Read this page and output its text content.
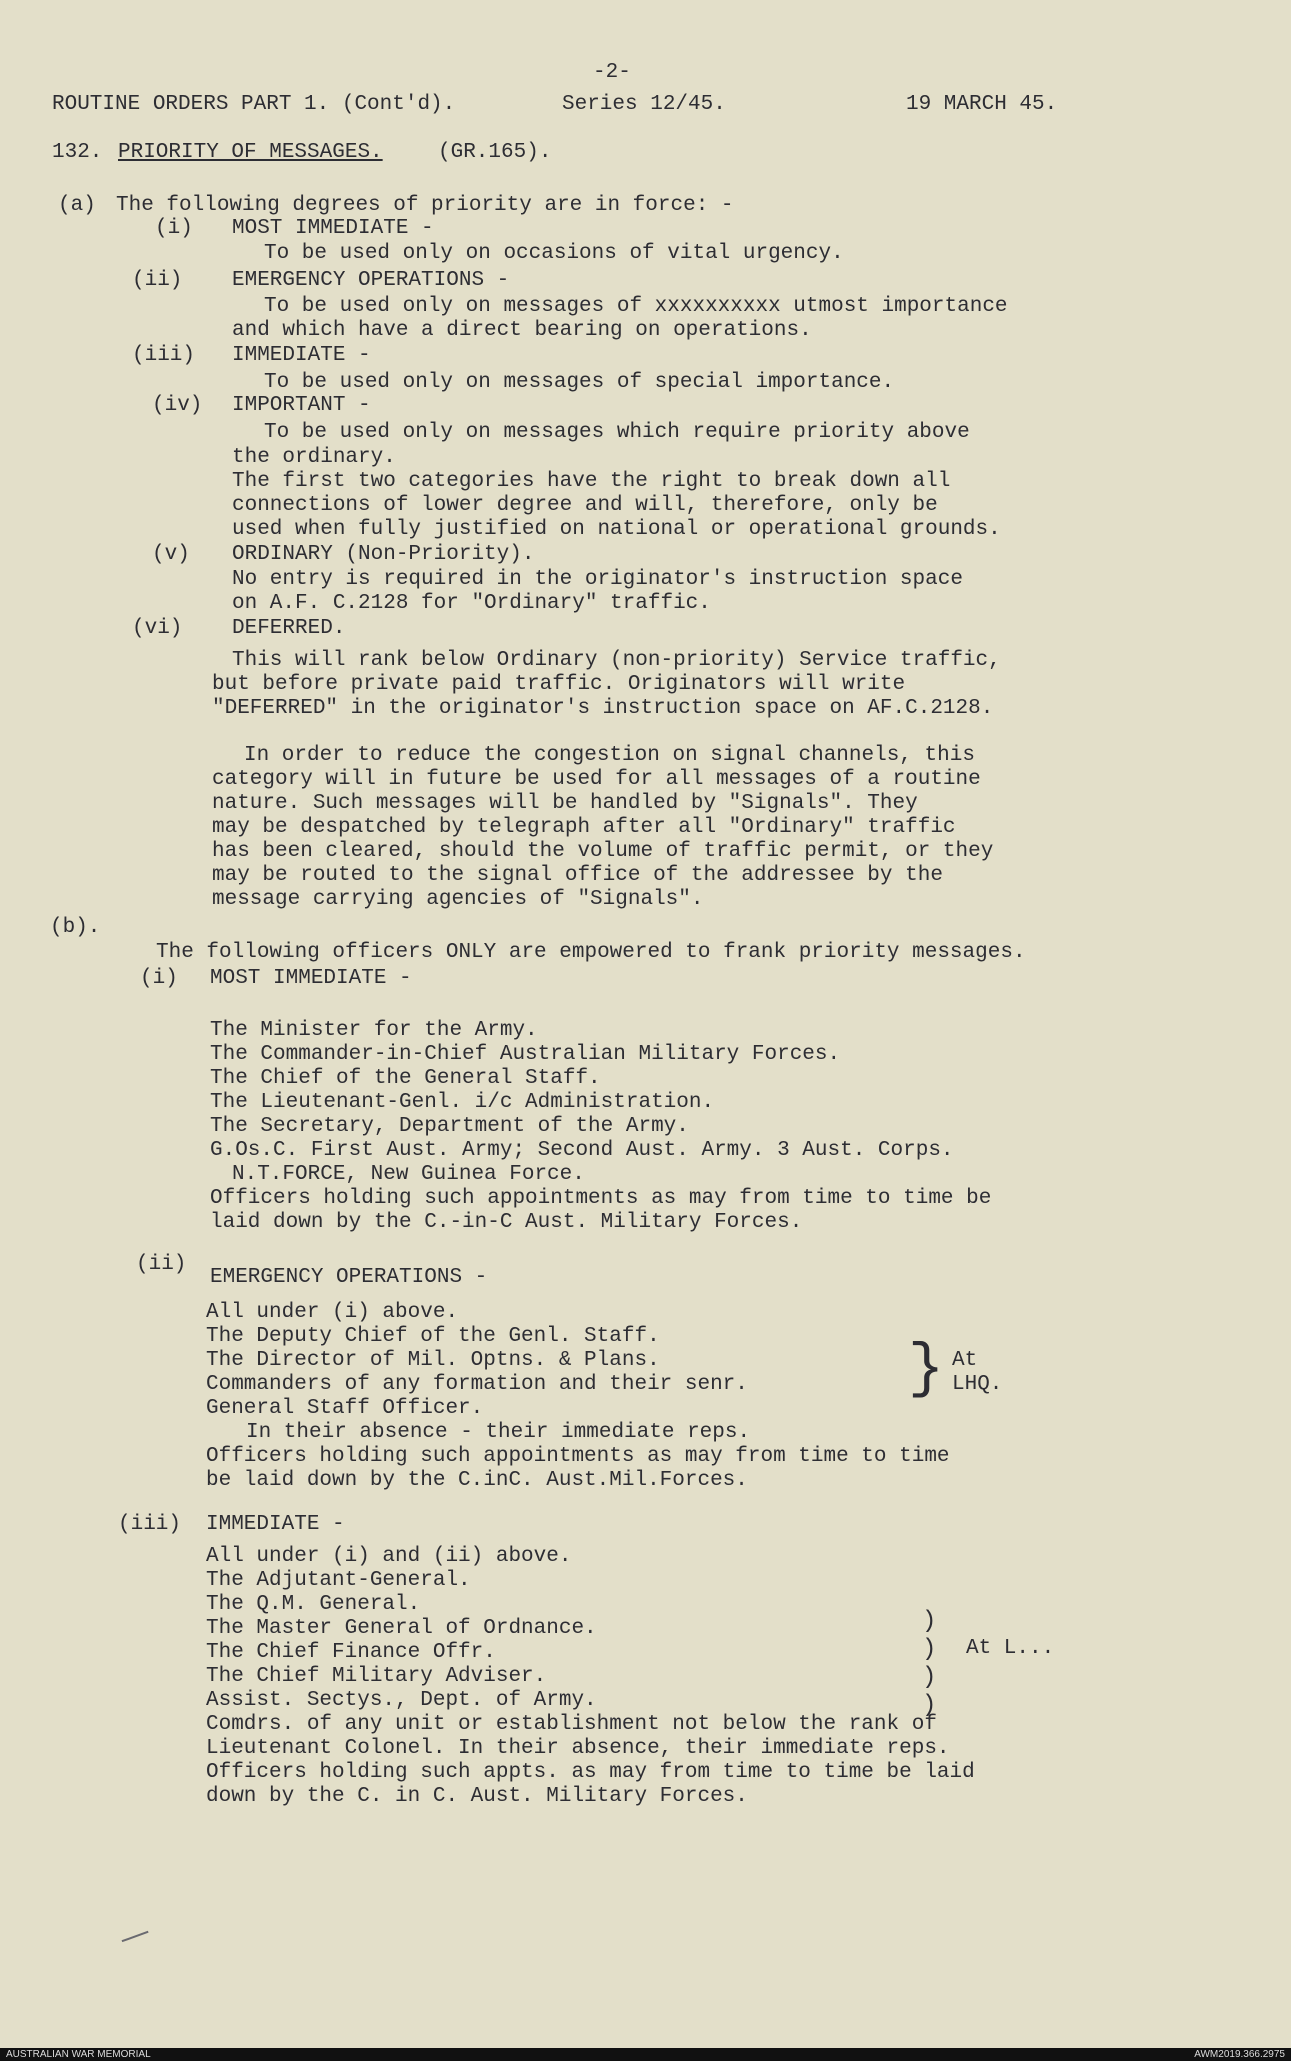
-2-
ROUTINE ORDERS PART 1. (Cont'd).	Series 12/45.	19 MARCH 45.
132. PRIORITY OF MESSAGES.	(GR.165).
(a) The following degrees of priority are in force: -
(i) MOST IMMEDIATE -
To be used only on occasions of vital urgency.
(ii) EMERGENCY OPERATIONS -
To be used only on messages of xxxxxxxxxx utmost importance
and which have a direct bearing on operations.
(iii) IMMEDIATE -
To be used only on messages of special importance.
(iv) IMPORTANT -
To be used only on messages which require priority above
the ordinary.
The first two categories have the right to break down all
connections of lower degree and will, therefore, only be
used when fully justified on national or operational grounds.
(v) ORDINARY (Non-Priority).
No entry is required in the originator's instruction space
on A.F. C.2128 for "Ordinary" traffic.
(vi) DEFERRED.
This will rank below Ordinary (non-priority) Service traffic,
but before private paid traffic. Originators will write
"DEFERRED" in the originator's instruction space on AF.C.2128.
In order to reduce the congestion on signal channels, this
category will in future be used for all messages of a routine
nature. Such messages will be handled by "Signals". They
may be despatched by telegraph after all "Ordinary" traffic
has been cleared, should the volume of traffic permit, or they
may be routed to the signal office of the addressee by the
message carrying agencies of "Signals".
(b).
The following officers ONLY are empowered to frank priority messages.
(i) MOST IMMEDIATE -
The Minister for the Army.
The Commander-in-Chief Australian Military Forces.
The Chief of the General Staff.
The Lieutenant-Genl. i/c Administration.
The Secretary, Department of the Army.
G.Os.C. First Aust. Army; Second Aust. Army. 3 Aust. Corps.
N.T.FORCE, New Guinea Force.
Officers holding such appointments as may from time to time be
laid down by the C.-in-C Aust. Military Forces.
(ii)
EMERGENCY OPERATIONS -
All under (i) above.
The Deputy Chief of the Genl. Staff.
The Director of Mil. Optns. & Plans.
Commanders of any formation and their senr.
General Staff Officer.
In their absence - their immediate reps.
Officers holding such appointments as may from time to time
be laid down by the C.inC. Aust.Mil.Forces.
} At
LHQ.
(iii) IMMEDIATE -
All under (i) and (ii) above.
The Adjutant-General.
The Q.M. General.
The Master General of Ordnance.
The Chief Finance Offr.
The Chief Military Adviser.
Assist. Sectys., Dept. of Army.
Comdrs. of any unit or establishment not below the rank of
Lieutenant Colonel. In their absence, their immediate reps.
Officers holding such appts. as may from time to time be laid
down by the C. in C. Aust. Military Forces.
)
)
)
)
At L...
AUSTRALIAN WAR MEMORIAL	AWM2019.366.2975
